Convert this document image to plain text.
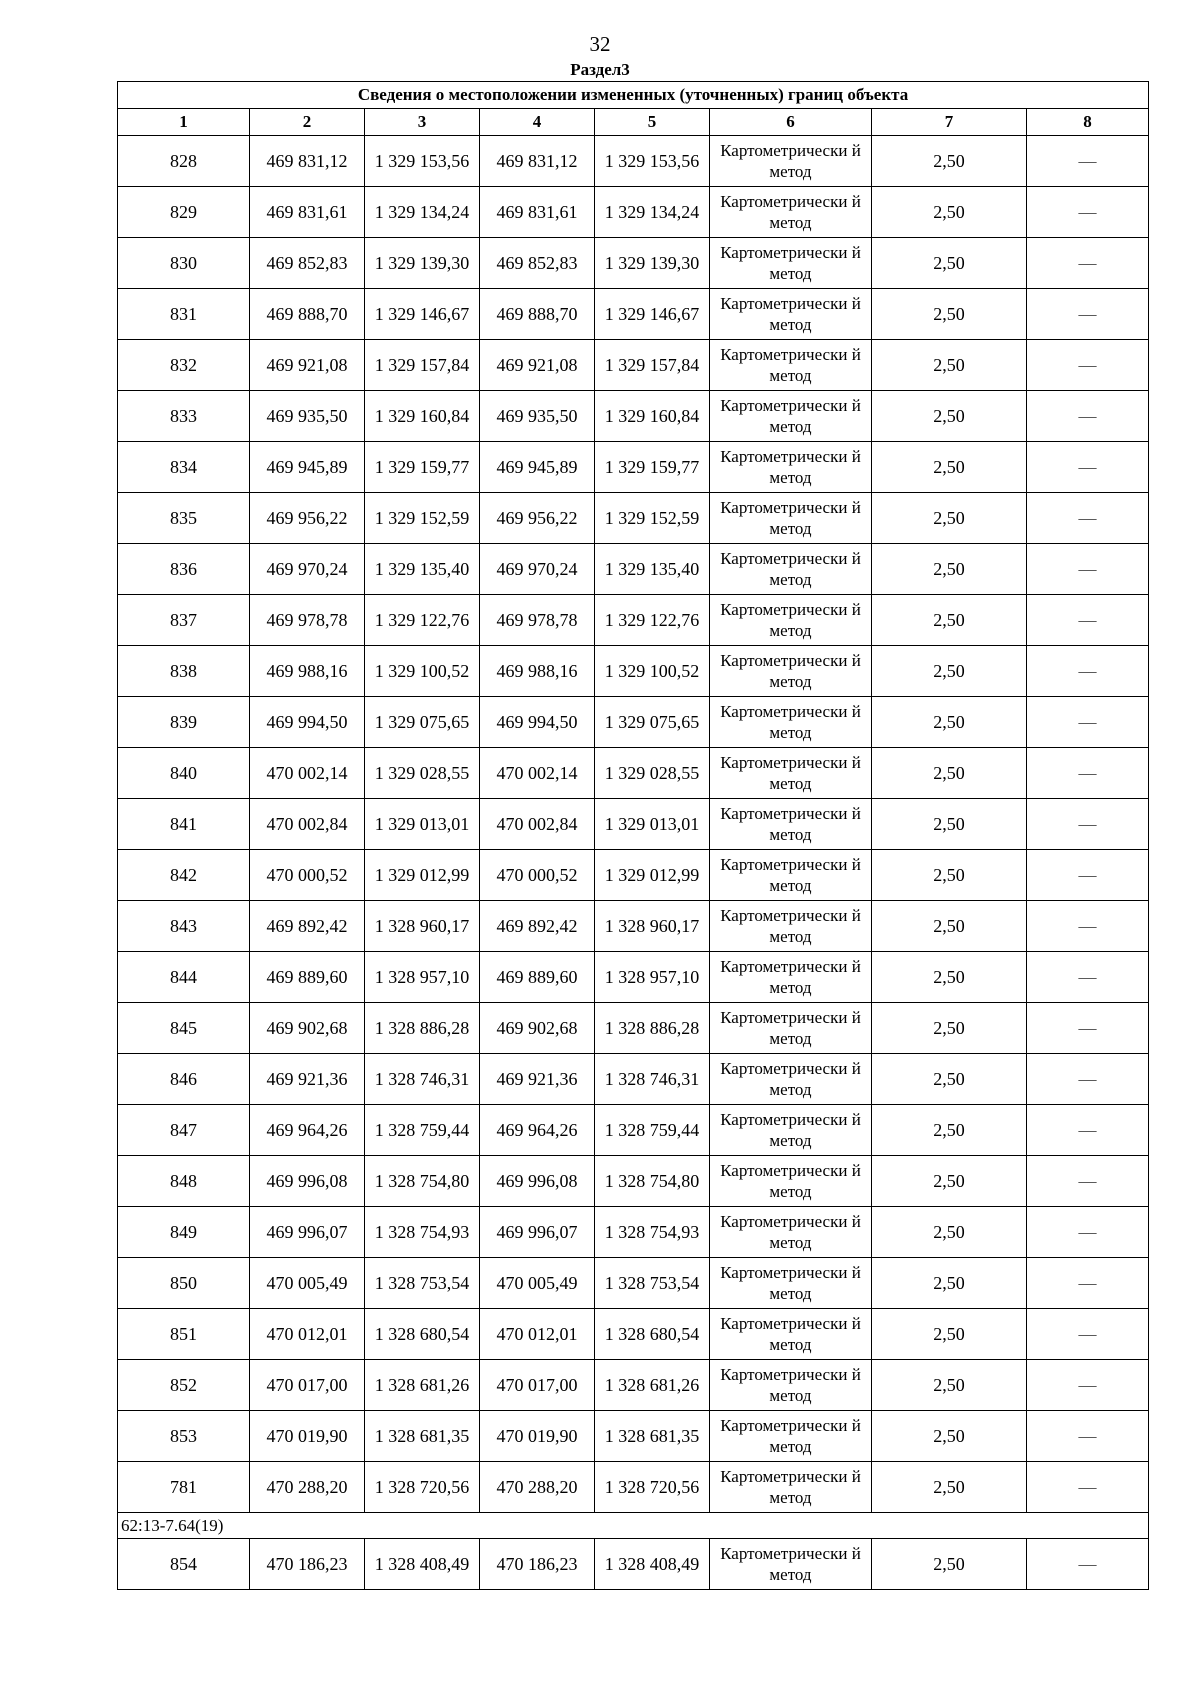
32
Раздел3
Сведения о местоположении измененных (уточненных) границ объекта							
1	2	3	4	5	6	7	8
828	469 831,12	1 329 153,56	469 831,12	1 329 153,56	Картометрически й метод	2,50	—
829	469 831,61	1 329 134,24	469 831,61	1 329 134,24	Картометрически й метод	2,50	—
830	469 852,83	1 329 139,30	469 852,83	1 329 139,30	Картометрически й метод	2,50	—
831	469 888,70	1 329 146,67	469 888,70	1 329 146,67	Картометрически й метод	2,50	—
832	469 921,08	1 329 157,84	469 921,08	1 329 157,84	Картометрически й метод	2,50	—
833	469 935,50	1 329 160,84	469 935,50	1 329 160,84	Картометрически й метод	2,50	—
834	469 945,89	1 329 159,77	469 945,89	1 329 159,77	Картометрически й метод	2,50	—
835	469 956,22	1 329 152,59	469 956,22	1 329 152,59	Картометрически й метод	2,50	—
836	469 970,24	1 329 135,40	469 970,24	1 329 135,40	Картометрически й метод	2,50	—
837	469 978,78	1 329 122,76	469 978,78	1 329 122,76	Картометрически й метод	2,50	—
838	469 988,16	1 329 100,52	469 988,16	1 329 100,52	Картометрически й метод	2,50	—
839	469 994,50	1 329 075,65	469 994,50	1 329 075,65	Картометрически й метод	2,50	—
840	470 002,14	1 329 028,55	470 002,14	1 329 028,55	Картометрически й метод	2,50	—
841	470 002,84	1 329 013,01	470 002,84	1 329 013,01	Картометрически й метод	2,50	—
842	470 000,52	1 329 012,99	470 000,52	1 329 012,99	Картометрически й метод	2,50	—
843	469 892,42	1 328 960,17	469 892,42	1 328 960,17	Картометрически й метод	2,50	—
844	469 889,60	1 328 957,10	469 889,60	1 328 957,10	Картометрически й метод	2,50	—
845	469 902,68	1 328 886,28	469 902,68	1 328 886,28	Картометрически й метод	2,50	—
846	469 921,36	1 328 746,31	469 921,36	1 328 746,31	Картометрически й метод	2,50	—
847	469 964,26	1 328 759,44	469 964,26	1 328 759,44	Картометрически й метод	2,50	—
848	469 996,08	1 328 754,80	469 996,08	1 328 754,80	Картометрически й метод	2,50	—
849	469 996,07	1 328 754,93	469 996,07	1 328 754,93	Картометрически й метод	2,50	—
850	470 005,49	1 328 753,54	470 005,49	1 328 753,54	Картометрически й метод	2,50	—
851	470 012,01	1 328 680,54	470 012,01	1 328 680,54	Картометрически й метод	2,50	—
852	470 017,00	1 328 681,26	470 017,00	1 328 681,26	Картометрически й метод	2,50	—
853	470 019,90	1 328 681,35	470 019,90	1 328 681,35	Картометрически й метод	2,50	—
781	470 288,20	1 328 720,56	470 288,20	1 328 720,56	Картометрически й метод	2,50	—
62:13-7.64(19)							
854	470 186,23	1 328 408,49	470 186,23	1 328 408,49	Картометрически й метод	2,50	—
